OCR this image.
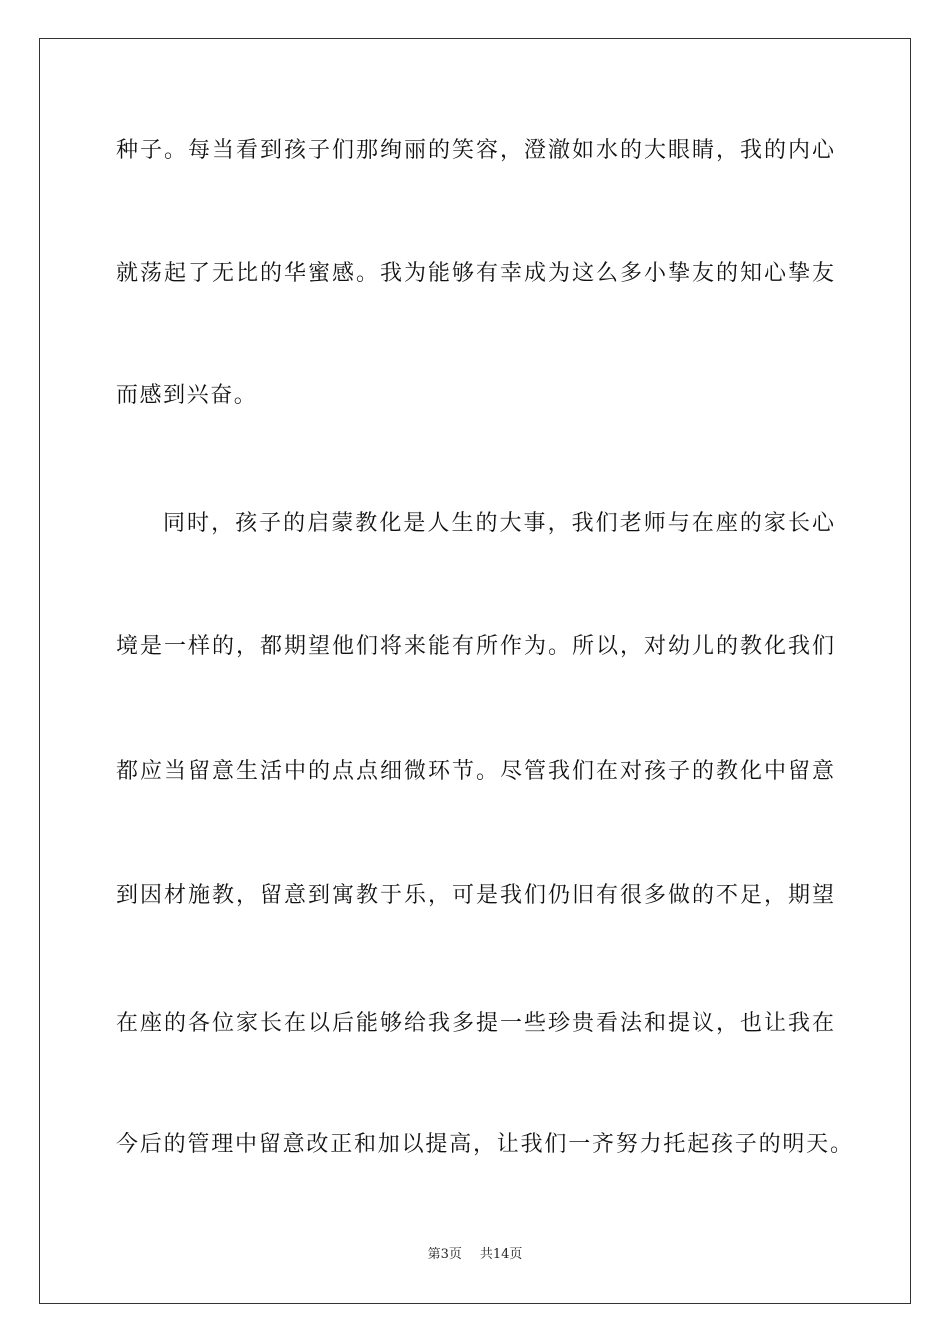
种子。每当看到孩子们那绚丽的笑容，澄澈如水的大眼睛，我的内心
就荡起了无比的华蜜感。我为能够有幸成为这么多小挚友的知心挚友
而感到兴奋。
同时，孩子的启蒙教化是人生的大事，我们老师与在座的家长心
境是一样的，都期望他们将来能有所作为。所以，对幼儿的教化我们
都应当留意生活中的点点细微环节。尽管我们在对孩子的教化中留意
到因材施教，留意到寓教于乐，可是我们仍旧有很多做的不足，期望
在座的各位家长在以后能够给我多提一些珍贵看法和提议，也让我在
今后的管理中留意改正和加以提高，让我们一齐努力托起孩子的明天。
第3页 共14页
